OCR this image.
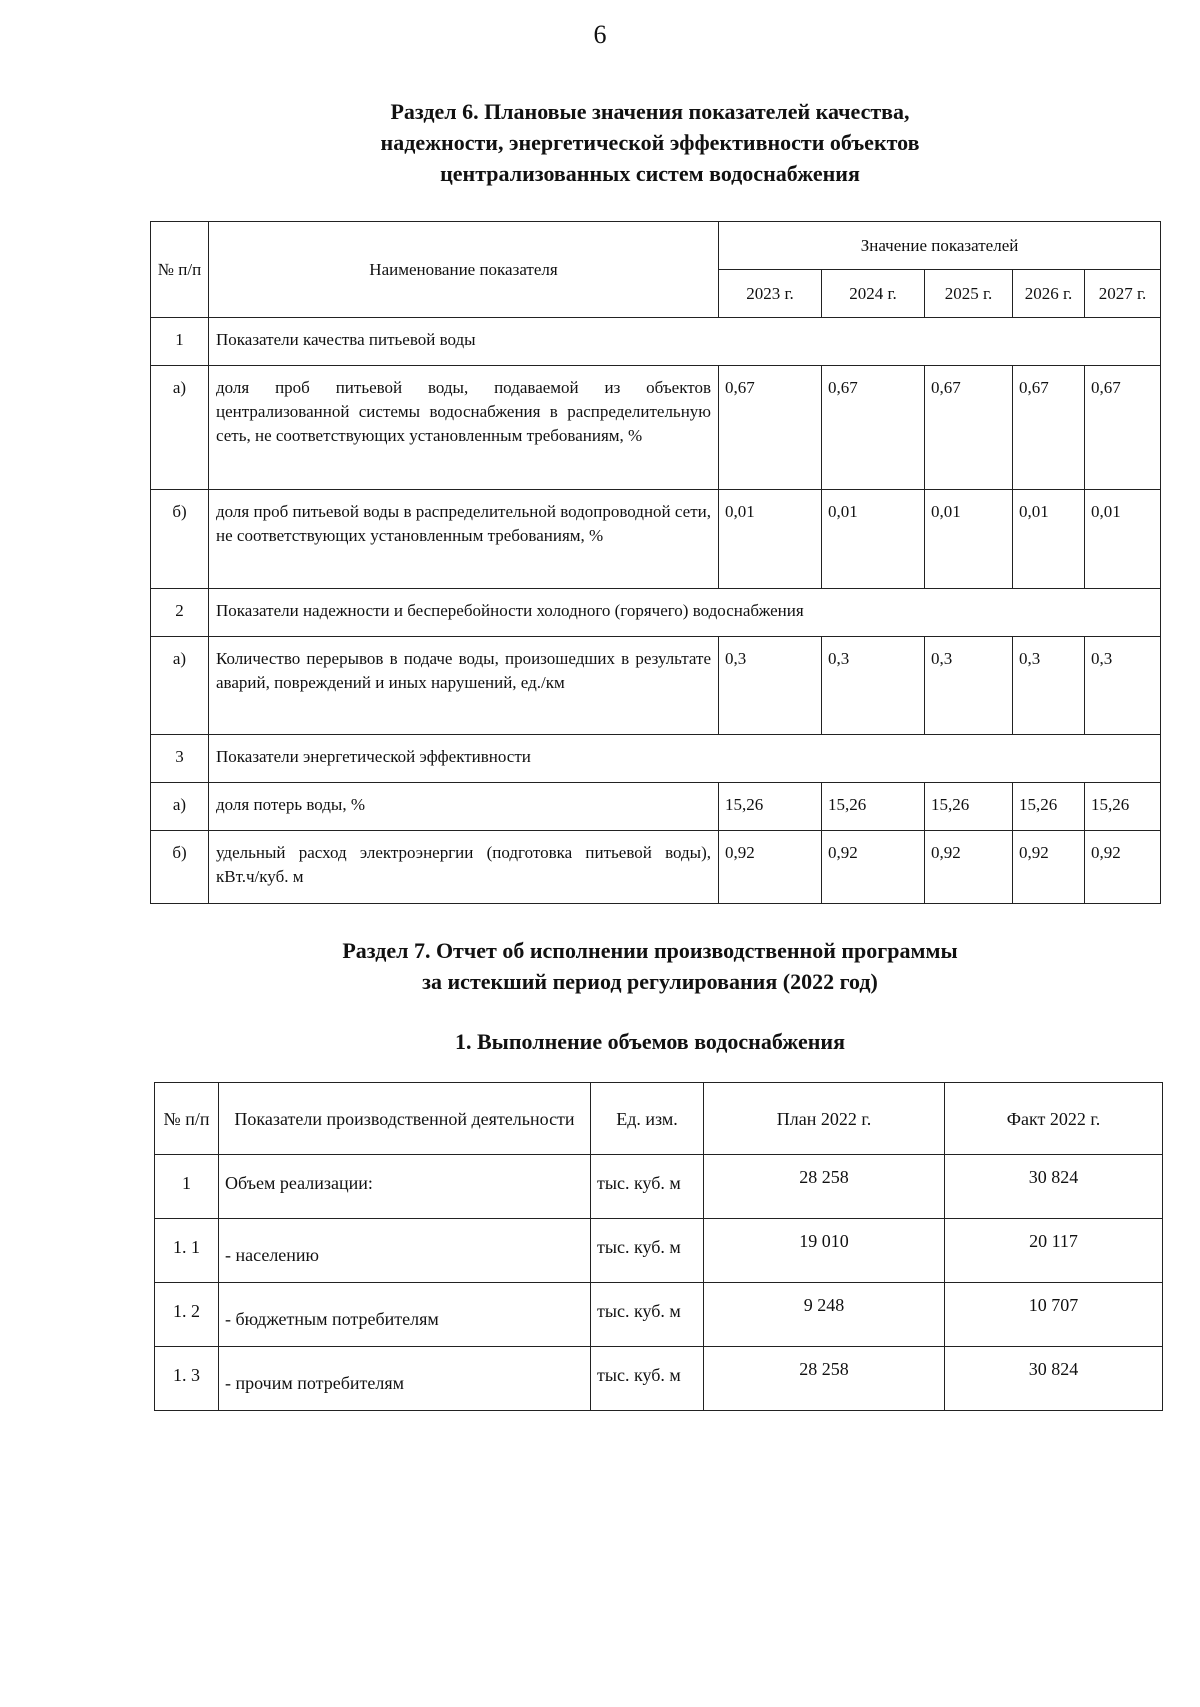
6
Раздел 6. Плановые значения показателей качества,
надежности, энергетической эффективности объектов
централизованных систем водоснабжения
№ п/п	Наименование показателя	Значение показателей				
		2023 г.	2024 г.	2025 г.	2026 г.	2027 г.
1	Показатели качества питьевой воды					
а)	доля проб питьевой воды, подаваемой из объектов централизованной системы водоснабжения в распределительную сеть, не соответствующих установленным требованиям, %	0,67	0,67	0,67	0,67	0,67
б)	доля проб питьевой воды в распределительной водопроводной сети, не соответствующих установленным требованиям, %	0,01	0,01	0,01	0,01	0,01
2	Показатели надежности и бесперебойности холодного (горячего) водоснабжения					
а)	Количество перерывов в подаче воды, произошедших в результате аварий, повреждений и иных нарушений, ед./км	0,3	0,3	0,3	0,3	0,3
3	Показатели энергетической эффективности					
а)	доля потерь воды, %	15,26	15,26	15,26	15,26	15,26
б)	удельный расход электроэнергии (подготовка питьевой воды), кВт.ч/куб. м	0,92	0,92	0,92	0,92	0,92
Раздел 7. Отчет об исполнении производственной программы
за истекший период регулирования (2022 год)
1. Выполнение объемов водоснабжения
№ п/п	Показатели производственной деятельности	Ед. изм.	План 2022 г.	Факт 2022 г.
1	Объем реализации:	тыс. куб. м	28 258	30 824
1. 1	- населению	тыс. куб. м	19 010	20 117
1. 2	- бюджетным потребителям	тыс. куб. м	9 248	10 707
1. 3	- прочим потребителям	тыс. куб. м	28 258	30 824
